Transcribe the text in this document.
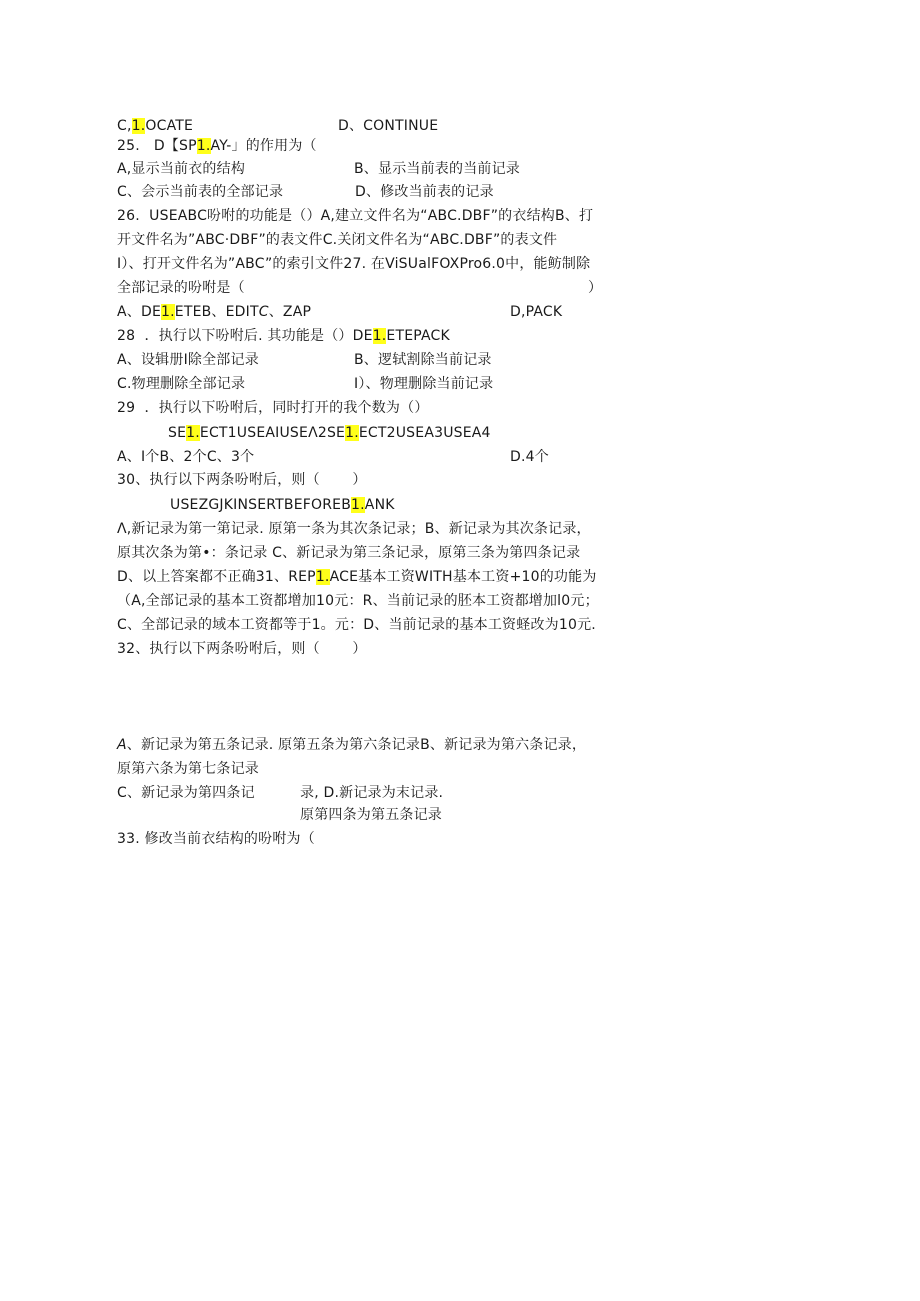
C,1.OCATE	D、CONTINUE
25.   D【SP1.AY-」的作用为（
A,显示当前衣的结构	B、显示当前表的当前记录
C、会示当前表的全部记录	D、修改当前表的记录
26.  USEABC吩咐的功能是（）A,建立文件名为“ABC.DBF”的衣结构B、打
开文件名为”ABC·DBF”的表文件C.关闭文件名为“ABC.DBF”的表文件
I）、打开文件名为”ABC”的索引文件27. 在ViSUalFOXPro6.0中，能鲂制除
全部记录的吩咐是（	）
A、DE1.ETEB、EDITC、ZAP	D,PACK
28  ．执行以下吩咐后. 其功能是（）DE1.ETEPACK
A、设辑册I除全部记录	B、逻轼割除当前记录
C.物理删除全部记录	I）、物理删除当前记录
29  ．执行以下吩咐后，同时打开的我个数为（）
SE1.ECT1USEAIUSEΛ2SE1.ECT2USEA3USEA4
A、I个B、2个C、3个	D.4个
30、执行以下两条吩咐后，则（       ）
USEZGJKINSERTBEFOREB1.ANK
Λ,新记录为第一第记录. 原第一条为其次条记录；B、新记录为其次条记录，
原其次条为第•：条记录 C、新记录为第三条记录，原第三条为第四条记录
D、以上答案都不正确31、REP1.ACE基本工资WITH基本工资+10的功能为
（A,全部记录的基本工资都增加10元：R、当前记录的胚本工资都增加l0元；
C、全部记录的域本工资都等于1。元：D、当前记录的基本工资蛏改为10元.
32、执行以下两条吩咐后，则（       ）
A、新记录为第五条记录. 原第五条为第六条记录B、新记录为第六条记录，
原第六条为第七条记录
C、新记录为第四条记	录, D.新记录为末记录.
原第四条为第五条记录
33. 修改当前衣结构的吩咐为（
